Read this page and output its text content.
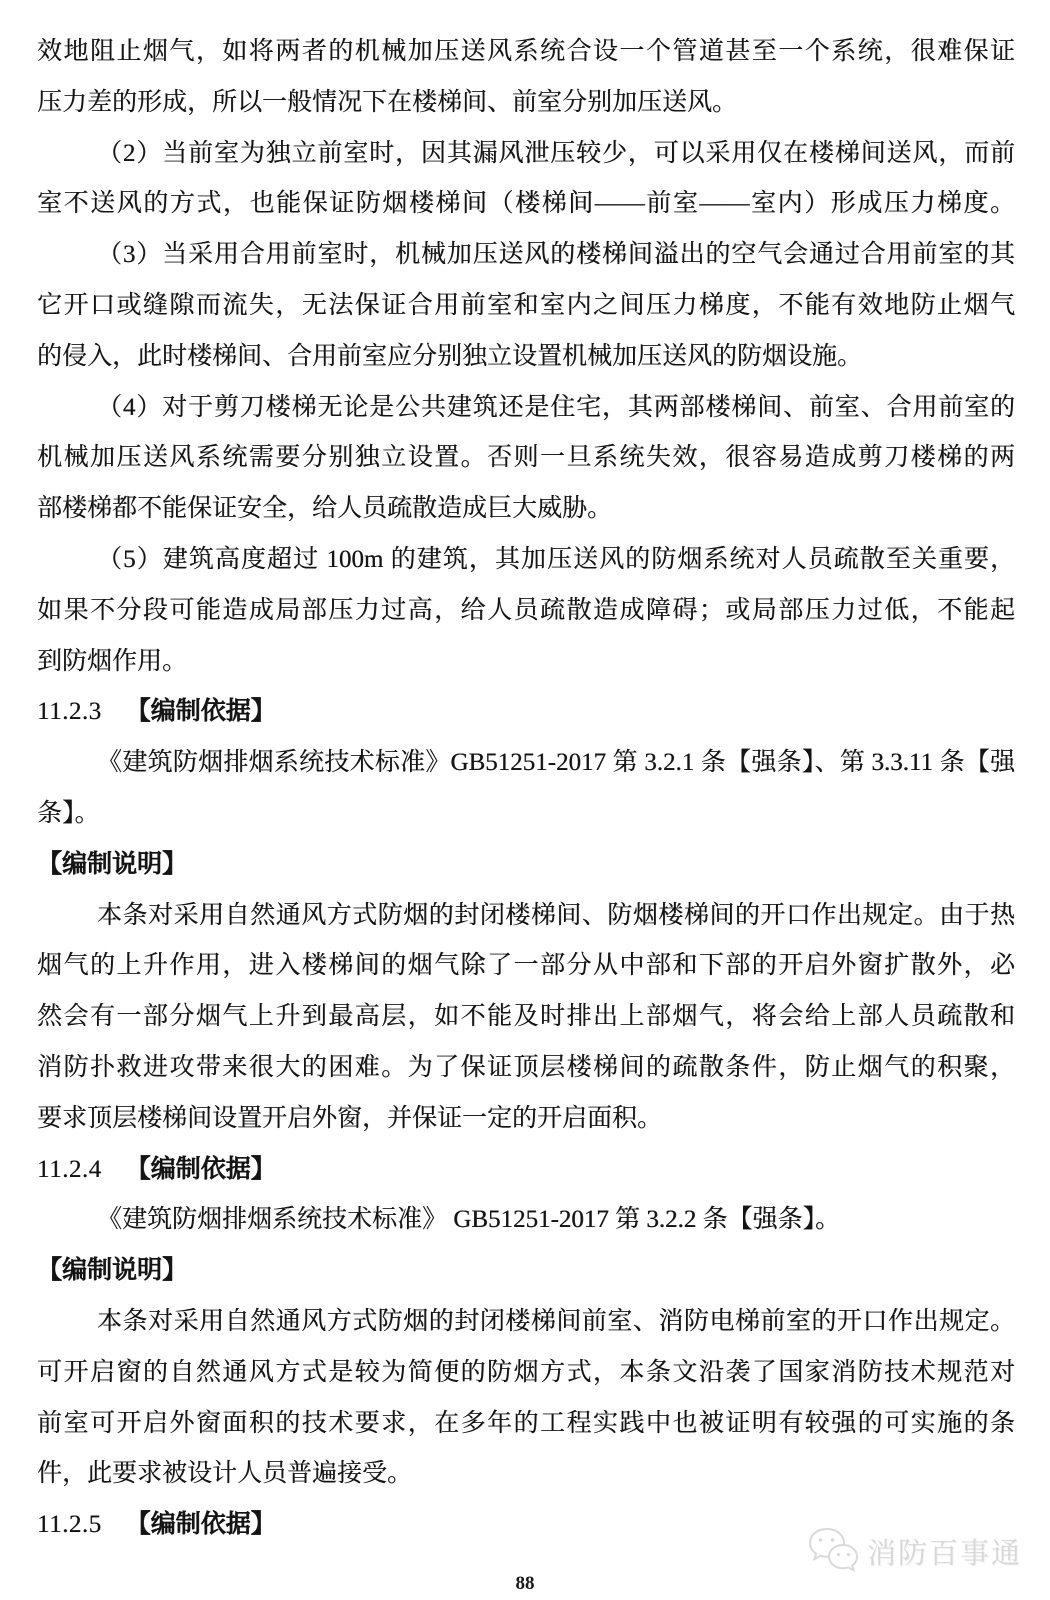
效地阻止烟气，如将两者的机械加压送风系统合设一个管道甚至一个系统，很难保证
压力差的形成，所以一般情况下在楼梯间、前室分别加压送风。
（2）当前室为独立前室时，因其漏风泄压较少，可以采用仅在楼梯间送风，而前
室不送风的方式，也能保证防烟楼梯间（楼梯间——前室——室内）形成压力梯度。
（3）当采用合用前室时，机械加压送风的楼梯间溢出的空气会通过合用前室的其
它开口或缝隙而流失，无法保证合用前室和室内之间压力梯度，不能有效地防止烟气
的侵入，此时楼梯间、合用前室应分别独立设置机械加压送风的防烟设施。
（4）对于剪刀楼梯无论是公共建筑还是住宅，其两部楼梯间、前室、合用前室的
机械加压送风系统需要分别独立设置。否则一旦系统失效，很容易造成剪刀楼梯的两
部楼梯都不能保证安全，给人员疏散造成巨大威胁。
（5）建筑高度超过 100m 的建筑，其加压送风的防烟系统对人员疏散至关重要，
如果不分段可能造成局部压力过高，给人员疏散造成障碍；或局部压力过低，不能起
到防烟作用。
11.2.3 【编制依据】
《建筑防烟排烟系统技术标准》GB51251-2017 第 3.2.1 条【强条】、第 3.3.11 条【强
条】。
【编制说明】
本条对采用自然通风方式防烟的封闭楼梯间、防烟楼梯间的开口作出规定。由于热
烟气的上升作用，进入楼梯间的烟气除了一部分从中部和下部的开启外窗扩散外，必
然会有一部分烟气上升到最高层，如不能及时排出上部烟气，将会给上部人员疏散和
消防扑救进攻带来很大的困难。为了保证顶层楼梯间的疏散条件，防止烟气的积聚，
要求顶层楼梯间设置开启外窗，并保证一定的开启面积。
11.2.4 【编制依据】
《建筑防烟排烟系统技术标准》 GB51251-2017 第 3.2.2 条【强条】。
【编制说明】
本条对采用自然通风方式防烟的封闭楼梯间前室、消防电梯前室的开口作出规定。
可开启窗的自然通风方式是较为简便的防烟方式，本条文沿袭了国家消防技术规范对
前室可开启外窗面积的技术要求，在多年的工程实践中也被证明有较强的可实施的条
件，此要求被设计人员普遍接受。
11.2.5 【编制依据】
消防百事通
88
